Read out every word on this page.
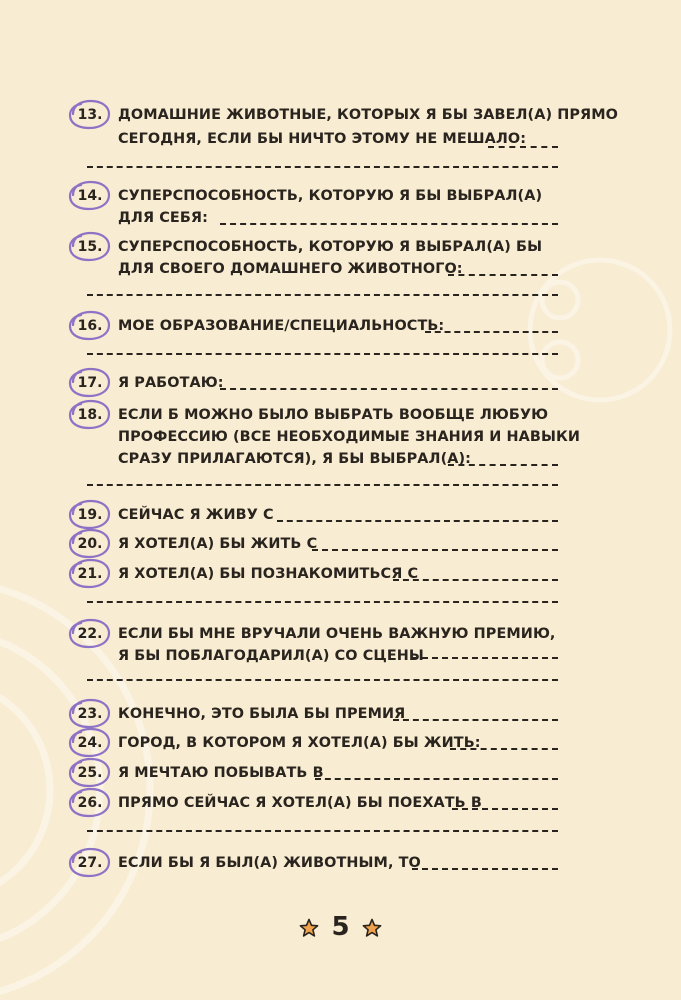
13.	ДОМАШНИЕ ЖИВОТНЫЕ, КОТОРЫХ Я БЫ ЗАВЕЛ(А) ПРЯМО
СЕГОДНЯ, ЕСЛИ БЫ НИЧТО ЭТОМУ НЕ МЕШАЛО:
14.	СУПЕРСПОСОБНОСТЬ, КОТОРУЮ Я БЫ ВЫБРАЛ(А)
ДЛЯ СЕБЯ:
15.	СУПЕРСПОСОБНОСТЬ, КОТОРУЮ Я ВЫБРАЛ(А) БЫ
ДЛЯ СВОЕГО ДОМАШНЕГО ЖИВОТНОГО:
16.	МОЕ ОБРАЗОВАНИЕ/СПЕЦИАЛЬНОСТЬ:
17.	Я РАБОТАЮ:
18.	ЕСЛИ Б МОЖНО БЫЛО ВЫБРАТЬ ВООБЩЕ ЛЮБУЮ
ПРОФЕССИЮ (ВСЕ НЕОБХОДИМЫЕ ЗНАНИЯ И НАВЫКИ
СРАЗУ ПРИЛАГАЮТСЯ), Я БЫ ВЫБРАЛ(А):
19.	СЕЙЧАС Я ЖИВУ С
20.	Я ХОТЕЛ(А) БЫ ЖИТЬ С
21.	Я ХОТЕЛ(А) БЫ ПОЗНАКОМИТЬСЯ С
22.	ЕСЛИ БЫ МНЕ ВРУЧАЛИ ОЧЕНЬ ВАЖНУЮ ПРЕМИЮ,
Я БЫ ПОБЛАГОДАРИЛ(А) СО СЦЕНЫ
23.	КОНЕЧНО, ЭТО БЫЛА БЫ ПРЕМИЯ
24.	ГОРОД, В КОТОРОМ Я ХОТЕЛ(А) БЫ ЖИТЬ:
25.	Я МЕЧТАЮ ПОБЫВАТЬ В
26.	ПРЯМО СЕЙЧАС Я ХОТЕЛ(А) БЫ ПОЕХАТЬ В
27.	ЕСЛИ БЫ Я БЫЛ(А) ЖИВОТНЫМ, ТО
5
